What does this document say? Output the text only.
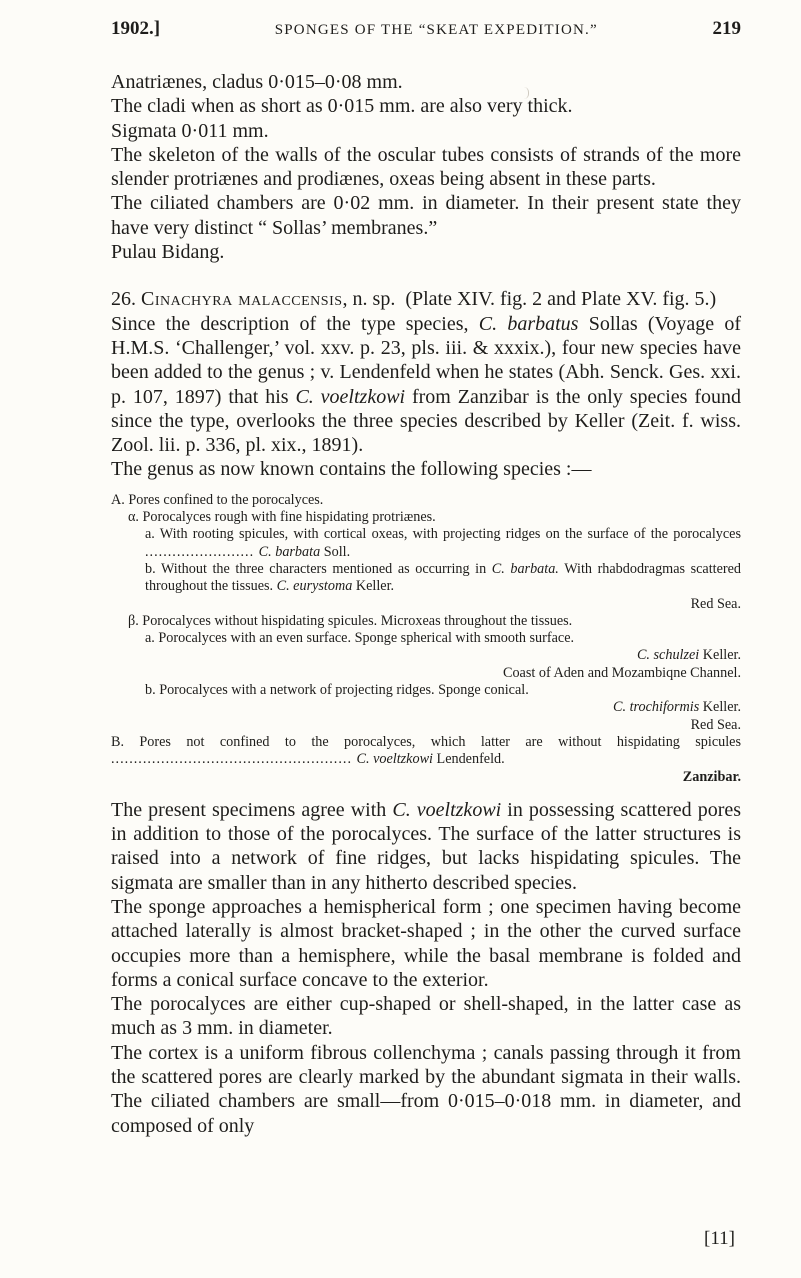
1902.]	SPONGES OF THE “SKEAT EXPEDITION.”	219

Anatriænes, cladus 0·015–0·08 mm.

The cladi when as short as 0·015 mm. are also very thick.

Sigmata 0·011 mm.

The skeleton of the walls of the oscular tubes consists of strands of the more slender protriænes and prodiænes, oxeas being absent in these parts.

The ciliated chambers are 0·02 mm. in diameter. In their present state they have very distinct “ Sollas’ membranes.”

Pulau Bidang.

26. Cinachyra malaccensis, n. sp. (Plate XIV. fig. 2 and Plate XV. fig. 5.)

Since the description of the type species, C. barbatus Sollas (Voyage of H.M.S. ‘Challenger,’ vol. xxv. p. 23, pls. iii. & xxxix.), four new species have been added to the genus ; v. Lendenfeld when he states (Abh. Senck. Ges. xxi. p. 107, 1897) that his C. voeltzkowi from Zanzibar is the only species found since the type, overlooks the three species described by Keller (Zeit. f. wiss. Zool. lii. p. 336, pl. xix., 1891).

The genus as now known contains the following species :—

A. Pores confined to the porocalyces.
α. Porocalyces rough with fine hispidating protriænes.
a. With rooting spicules, with cortical oxeas, with projecting ridges on the surface of the porocalyces ........................ C. barbata Soll.
b. Without the three characters mentioned as occurring in C. barbata. With rhabdodragmas scattered throughout the tissues. C. eurystoma Keller.
Red Sea.
β. Porocalyces without hispidating spicules. Microxeas throughout the tissues.
a. Porocalyces with an even surface. Sponge spherical with smooth surface.
C. schulzei Keller.
Coast of Aden and Mozambiqne Channel.
b. Porocalyces with a network of projecting ridges. Sponge conical.
C. trochiformis Keller.
Red Sea.
B. Pores not confined to the porocalyces, which latter are without hispidating spicules ..................................................... C. voeltzkowi Lendenfeld.
Zanzibar.

The present specimens agree with C. voeltzkowi in possessing scattered pores in addition to those of the porocalyces. The surface of the latter structures is raised into a network of fine ridges, but lacks hispidating spicules. The sigmata are smaller than in any hitherto described species.

The sponge approaches a hemispherical form ; one specimen having become attached laterally is almost bracket-shaped ; in the other the curved surface occupies more than a hemisphere, while the basal membrane is folded and forms a conical surface concave to the exterior.

The porocalyces are either cup-shaped or shell-shaped, in the latter case as much as 3 mm. in diameter.

The cortex is a uniform fibrous collenchyma ; canals passing through it from the scattered pores are clearly marked by the abundant sigmata in their walls. The ciliated chambers are small—from 0·015–0·018 mm. in diameter, and composed of only

[11]
